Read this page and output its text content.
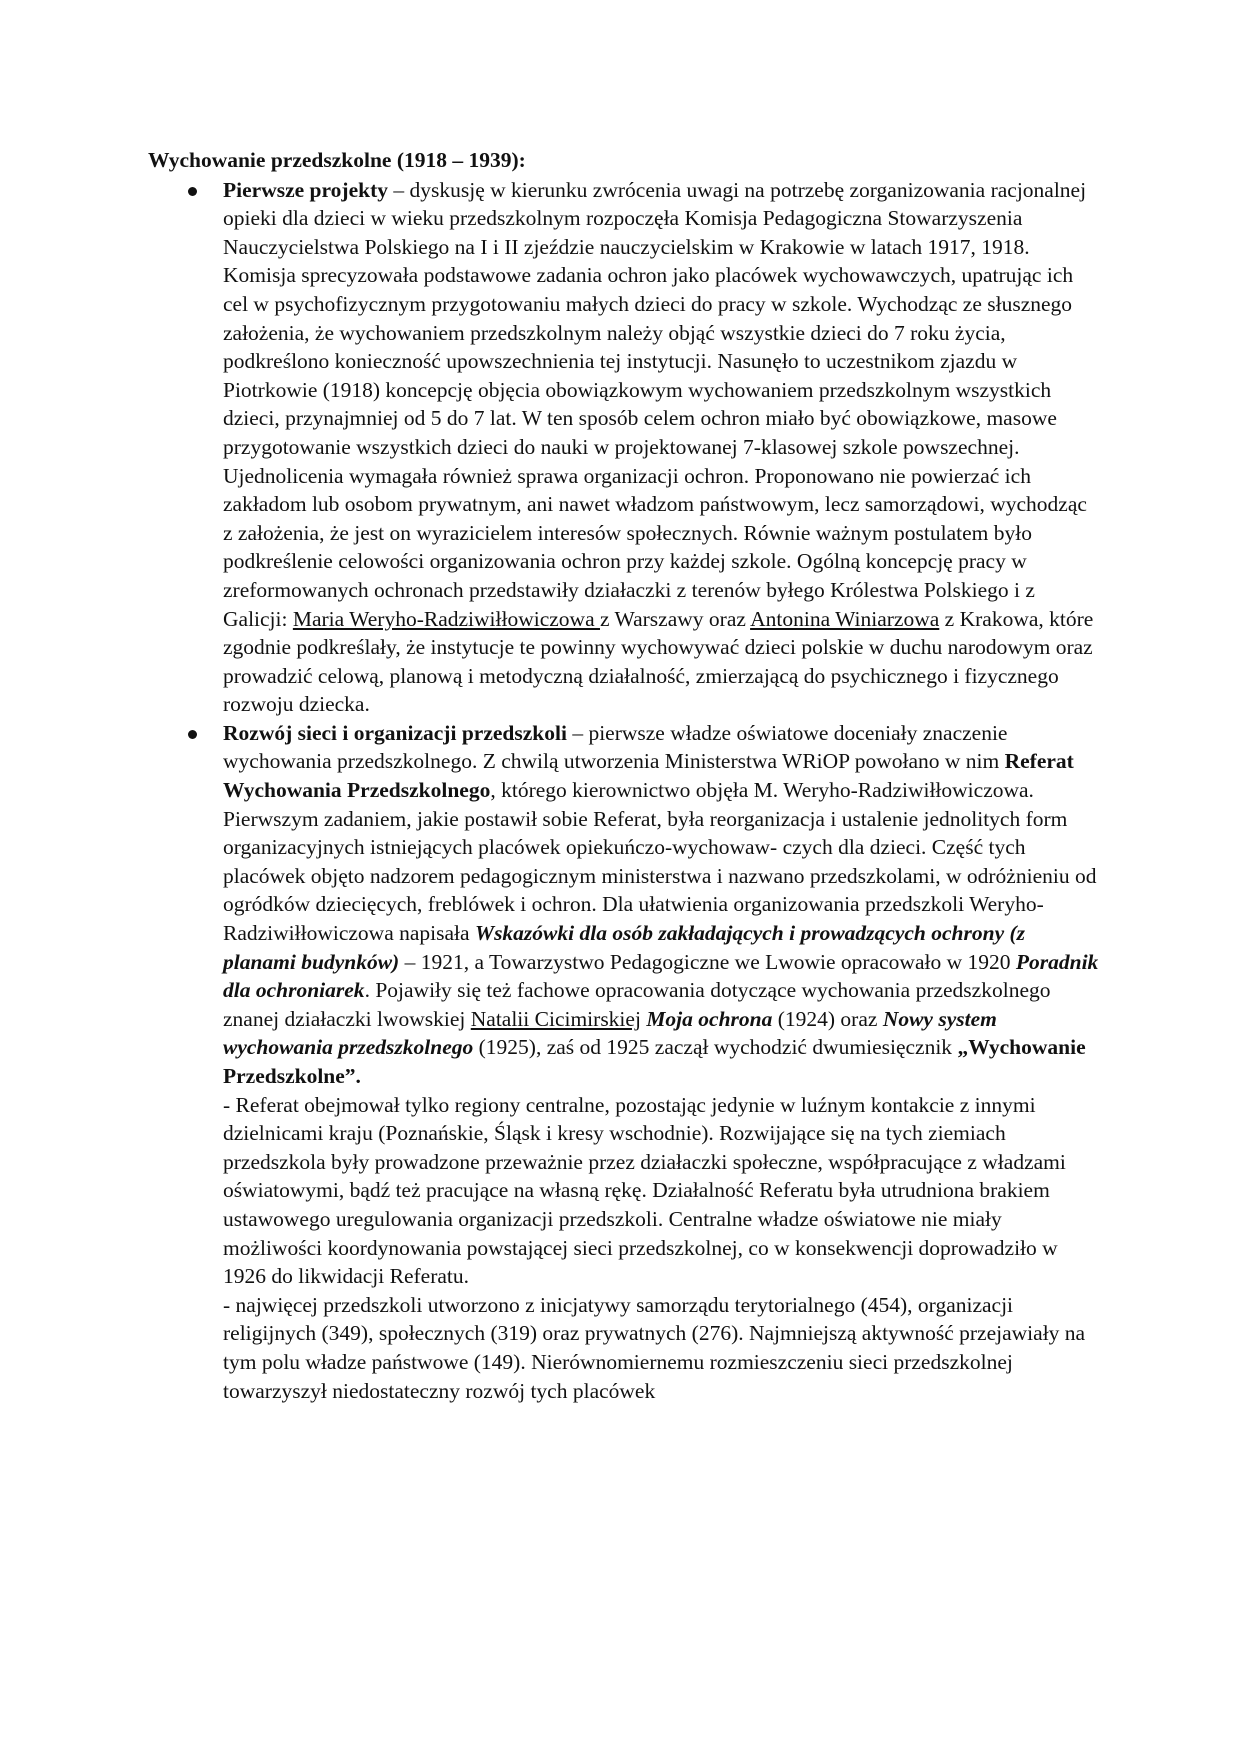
Wychowanie przedszkolne (1918 – 1939):

Pierwsze projekty – dyskusję w kierunku zwrócenia uwagi na potrzebę zorganizowania racjonalnej opieki dla dzieci w wieku przedszkolnym rozpoczęła Komisja Pedagogiczna Stowarzyszenia Nauczycielstwa Polskiego na I i II zjeździe nauczycielskim w Krakowie w latach 1917, 1918. Komisja sprecyzowała podstawowe zadania ochron jako placówek wychowawczych, upatrując ich cel w psychofizycznym przygotowaniu małych dzieci do pracy w szkole. Wychodząc ze słusznego założenia, że wychowaniem przedszkolnym należy objąć wszystkie dzieci do 7 roku życia, podkreślono konieczność upowszechnienia tej instytucji. Nasunęło to uczestnikom zjazdu w Piotrkowie (1918) koncepcję objęcia obowiązkowym wychowaniem przedszkolnym wszystkich dzieci, przynajmniej od 5 do 7 lat. W ten sposób celem ochron miało być obowiązkowe, masowe przygotowanie wszystkich dzieci do nauki w projektowanej 7-klasowej szkole powszechnej. Ujednolicenia wymagała również sprawa organizacji ochron. Proponowano nie powierzać ich zakładom lub osobom prywatnym, ani nawet władzom państwowym, lecz samorządowi, wychodząc z założenia, że jest on wyrazicielem interesów społecznych. Równie ważnym postulatem było podkreślenie celowości organizowania ochron przy każdej szkole. Ogólną koncepcję pracy w zreformowanych ochronach przedstawiły działaczki z terenów byłego Królestwa Polskiego i z Galicji: Maria Weryho-Radziwiłłowiczowa z Warszawy oraz Antonina Winiarzowa z Krakowa, które zgodnie podkreślały, że instytucje te powinny wychowywać dzieci polskie w duchu narodowym oraz prowadzić celową, planową i metodyczną działalność, zmierzającą do psychicznego i fizycznego rozwoju dziecka.

Rozwój sieci i organizacji przedszkoli – pierwsze władze oświatowe doceniały znaczenie wychowania przedszkolnego. Z chwilą utworzenia Ministerstwa WRiOP powołano w nim Referat Wychowania Przedszkolnego, którego kierownictwo objęła M. Weryho-Radziwiłłowiczowa. Pierwszym zadaniem, jakie postawił sobie Referat, była reorganizacja i ustalenie jednolitych form organizacyjnych istniejących placówek opiekuńczo-wychowaw- czych dla dzieci. Część tych placówek objęto nadzorem pedagogicznym ministerstwa i nazwano przedszkolami, w odróżnieniu od ogródków dziecięcych, freblówek i ochron. Dla ułatwienia organizowania przedszkoli Weryho-Radziwiłłowiczowa napisała Wskazówki dla osób zakładających i prowadzących ochrony (z planami budynków) – 1921, a Towarzystwo Pedagogiczne we Lwowie opracowało w 1920 Poradnik dla ochroniarek. Pojawiły się też fachowe opracowania dotyczące wychowania przedszkolnego znanej działaczki lwowskiej Natalii Cicimirskiej Moja ochrona (1924) oraz Nowy system wychowania przedszkolnego (1925), zaś od 1925 zaczął wychodzić dwumiesięcznik „Wychowanie Przedszkolne”.

- Referat obejmował tylko regiony centralne, pozostając jedynie w luźnym kontakcie z innymi dzielnicami kraju (Poznańskie, Śląsk i kresy wschodnie). Rozwijające się na tych ziemiach przedszkola były prowadzone przeważnie przez działaczki społeczne, współpracujące z władzami oświatowymi, bądź też pracujące na własną rękę. Działalność Referatu była utrudniona brakiem ustawowego uregulowania organizacji przedszkoli. Centralne władze oświatowe nie miały możliwości koordynowania powstającej sieci przedszkolnej, co w konsekwencji doprowadziło w 1926 do likwidacji Referatu.

- najwięcej przedszkoli utworzono z inicjatywy samorządu terytorialnego (454), organizacji religijnych (349), społecznych (319) oraz prywatnych (276). Najmniejszą aktywność przejawiały na tym polu władze państwowe (149). Nierównomiernemu rozmieszczeniu sieci przedszkolnej towarzyszył niedostateczny rozwój tych placówek
